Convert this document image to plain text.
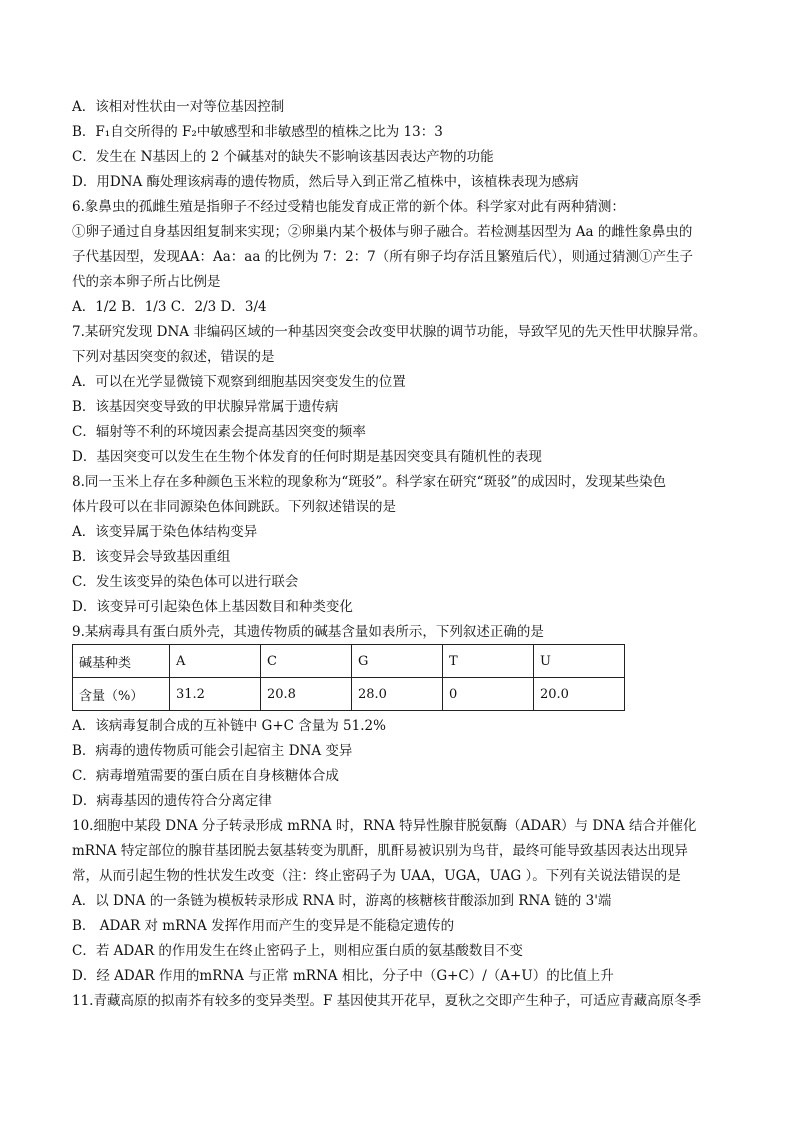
A．该相对性状由一对等位基因控制
B．F₁自交所得的 F₂中敏感型和非敏感型的植株之比为 13：3
C．发生在 N基因上的 2 个碱基对的缺失不影响该基因表达产物的功能
D．用DNA 酶处理该病毒的遗传物质，然后导入到正常乙植株中，该植株表现为感病
6.象鼻虫的孤雌生殖是指卵子不经过受精也能发育成正常的新个体。科学家对此有两种猜测：
①卵子通过自身基因组复制来实现；②卵巢内某个极体与卵子融合。若检测基因型为 Aa 的雌性象鼻虫的
子代基因型，发现AA：Aa：aa 的比例为 7：2：7（所有卵子均存活且繁殖后代），则通过猜测①产生子
代的亲本卵子所占比例是
A．1/2 B．1/3 C．2/3 D．3/4
7.某研究发现 DNA 非编码区域的一种基因突变会改变甲状腺的调节功能，导致罕见的先天性甲状腺异常。
下列对基因突变的叙述，错误的是
A．可以在光学显微镜下观察到细胞基因突变发生的位置
B．该基因突变导致的甲状腺异常属于遗传病
C．辐射等不利的环境因素会提高基因突变的频率
D．基因突变可以发生在生物个体发育的任何时期是基因突变具有随机性的表现
8.同一玉米上存在多种颜色玉米粒的现象称为“斑驳”。科学家在研究“斑驳”的成因时，发现某些染色
体片段可以在非同源染色体间跳跃。下列叙述错误的是
A．该变异属于染色体结构变异
B．该变异会导致基因重组
C．发生该变异的染色体可以进行联会
D．该变异可引起染色体上基因数目和种类变化
9.某病毒具有蛋白质外壳，其遗传物质的碱基含量如表所示，下列叙述正确的是
碱基种类	A	C	G	T	U
含量（%）	31.2	20.8	28.0	0	20.0
A．该病毒复制合成的互补链中 G+C 含量为 51.2%
B．病毒的遗传物质可能会引起宿主 DNA 变异
C．病毒增殖需要的蛋白质在自身核糖体合成
D．病毒基因的遗传符合分离定律
10.细胞中某段 DNA 分子转录形成 mRNA 时，RNA 特异性腺苷脱氨酶（ADAR）与 DNA 结合并催化
mRNA 特定部位的腺苷基团脱去氨基转变为肌酐，肌酐易被识别为鸟苷，最终可能导致基因表达出现异
常，从而引起生物的性状发生改变（注：终止密码子为 UAA，UGA，UAG ）。下列有关说法错误的是
A．以 DNA 的一条链为模板转录形成 RNA 时，游离的核糖核苷酸添加到 RNA 链的 3'端
B． ADAR 对 mRNA 发挥作用而产生的变异是不能稳定遗传的
C．若 ADAR 的作用发生在终止密码子上，则相应蛋白质的氨基酸数目不变
D．经 ADAR 作用的mRNA 与正常 mRNA 相比，分子中（G+C）/（A+U）的比值上升
11.青藏高原的拟南芥有较多的变异类型。F 基因使其开花早，夏秋之交即产生种子，可适应青藏高原冬季
